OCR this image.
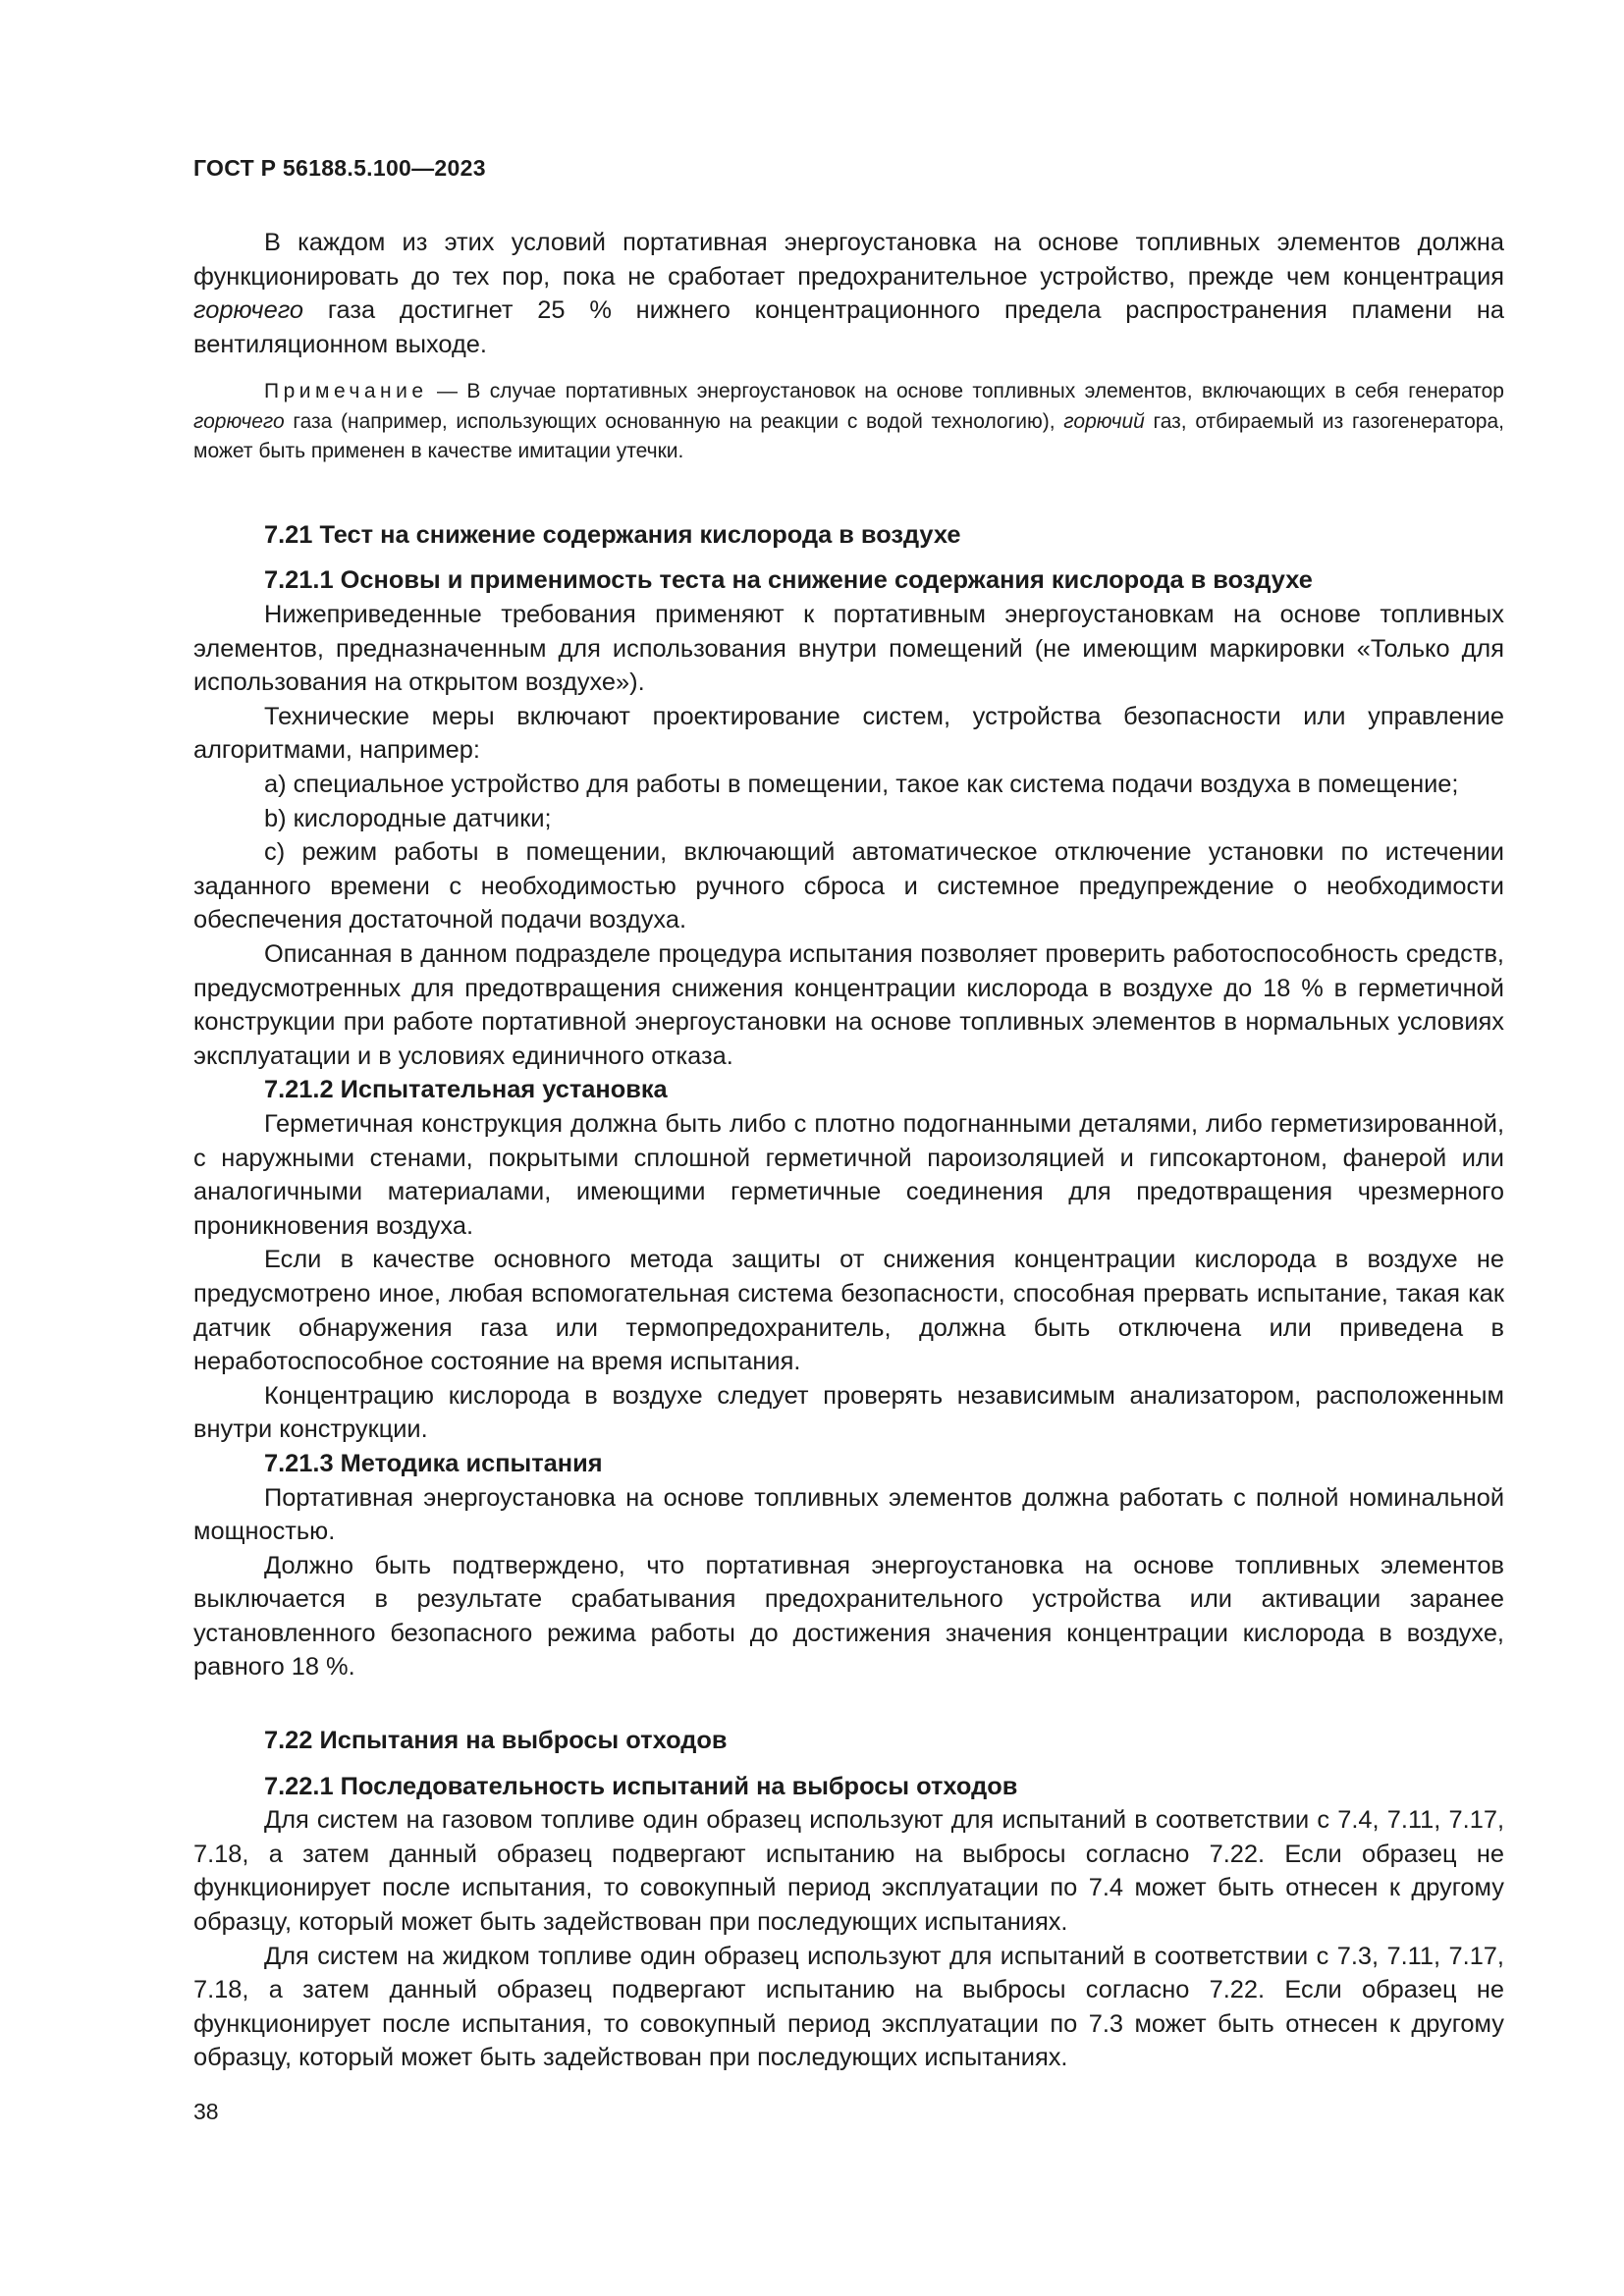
ГОСТ Р 56188.5.100—2023

В каждом из этих условий портативная энергоустановка на основе топливных элементов должна функционировать до тех пор, пока не сработает предохранительное устройство, прежде чем концентрация горючего газа достигнет 25 % нижнего концентрационного предела распространения пламени на вентиляционном выходе.

Примечание — В случае портативных энергоустановок на основе топливных элементов, включающих в себя генератор горючего газа (например, использующих основанную на реакции с водой технологию), горючий газ, отбираемый из газогенератора, может быть применен в качестве имитации утечки.

7.21 Тест на снижение содержания кислорода в воздухе
7.21.1 Основы и применимость теста на снижение содержания кислорода в воздухе

Нижеприведенные требования применяют к портативным энергоустановкам на основе топливных элементов, предназначенным для использования внутри помещений (не имеющим маркировки «Только для использования на открытом воздухе»).

Технические меры включают проектирование систем, устройства безопасности или управление алгоритмами, например:

a) специальное устройство для работы в помещении, такое как система подачи воздуха в помещение;

b) кислородные датчики;

c) режим работы в помещении, включающий автоматическое отключение установки по истечении заданного времени с необходимостью ручного сброса и системное предупреждение о необходимости обеспечения достаточной подачи воздуха.

Описанная в данном подразделе процедура испытания позволяет проверить работоспособность средств, предусмотренных для предотвращения снижения концентрации кислорода в воздухе до 18 % в герметичной конструкции при работе портативной энергоустановки на основе топливных элементов в нормальных условиях эксплуатации и в условиях единичного отказа.

7.21.2 Испытательная установка

Герметичная конструкция должна быть либо с плотно подогнанными деталями, либо герметизированной, с наружными стенами, покрытыми сплошной герметичной пароизоляцией и гипсокартоном, фанерой или аналогичными материалами, имеющими герметичные соединения для предотвращения чрезмерного проникновения воздуха.

Если в качестве основного метода защиты от снижения концентрации кислорода в воздухе не предусмотрено иное, любая вспомогательная система безопасности, способная прервать испытание, такая как датчик обнаружения газа или термопредохранитель, должна быть отключена или приведена в неработоспособное состояние на время испытания.

Концентрацию кислорода в воздухе следует проверять независимым анализатором, расположенным внутри конструкции.

7.21.3 Методика испытания

Портативная энергоустановка на основе топливных элементов должна работать с полной номинальной мощностью.

Должно быть подтверждено, что портативная энергоустановка на основе топливных элементов выключается в результате срабатывания предохранительного устройства или активации заранее установленного безопасного режима работы до достижения значения концентрации кислорода в воздухе, равного 18 %.

7.22 Испытания на выбросы отходов
7.22.1 Последовательность испытаний на выбросы отходов

Для систем на газовом топливе один образец используют для испытаний в соответствии с 7.4, 7.11, 7.17, 7.18, а затем данный образец подвергают испытанию на выбросы согласно 7.22. Если образец не функционирует после испытания, то совокупный период эксплуатации по 7.4 может быть отнесен к другому образцу, который может быть задействован при последующих испытаниях.

Для систем на жидком топливе один образец используют для испытаний в соответствии с 7.3, 7.11, 7.17, 7.18, а затем данный образец подвергают испытанию на выбросы согласно 7.22. Если образец не функционирует после испытания, то совокупный период эксплуатации по 7.3 может быть отнесен к другому образцу, который может быть задействован при последующих испытаниях.

38
